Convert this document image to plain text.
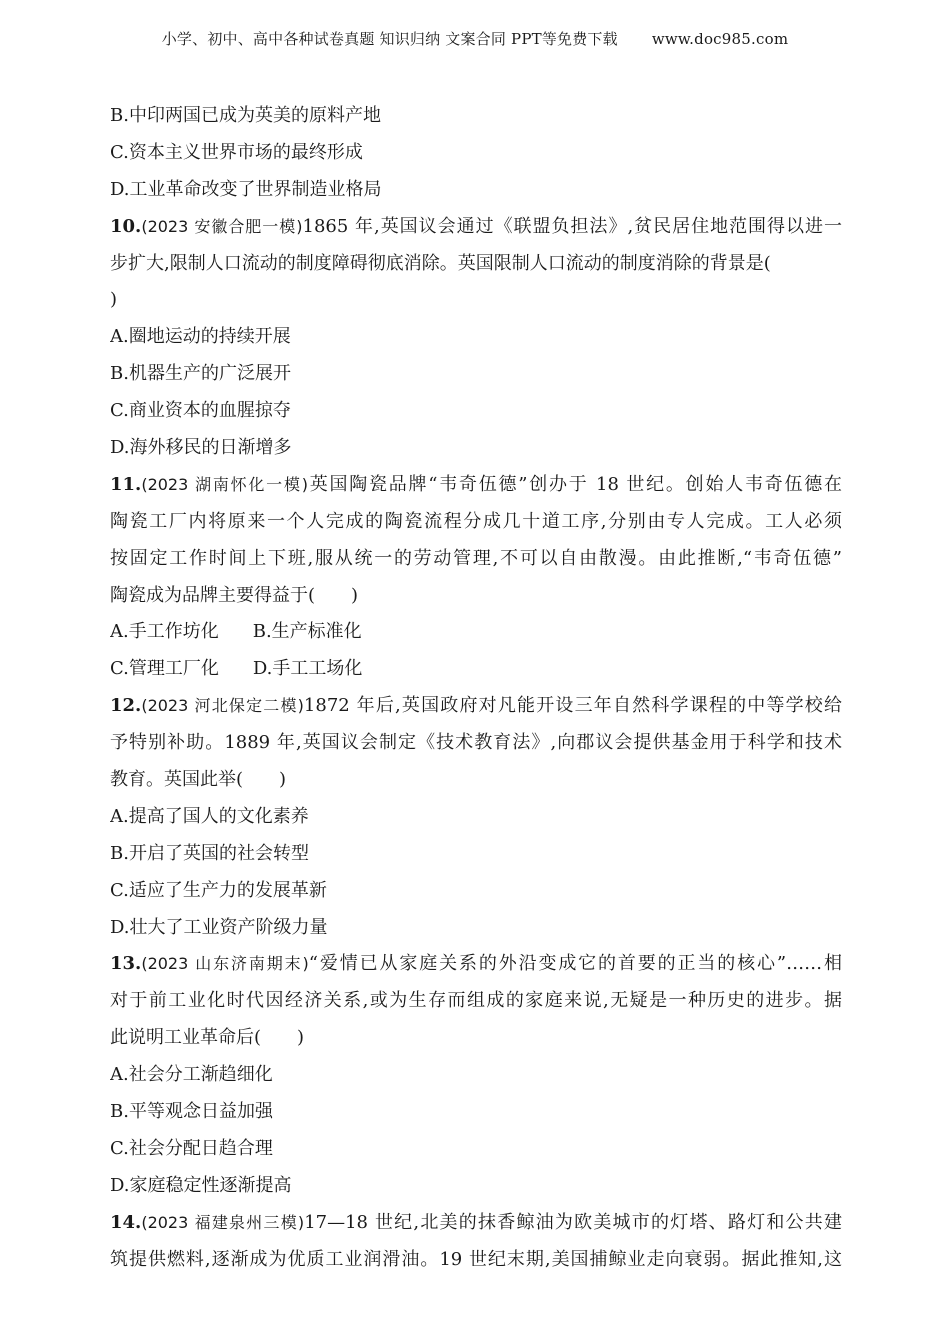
小学、初中、高中各种试卷真题 知识归纳 文案合同 PPT等免费下载 www.doc985.com
B.中印两国已成为英美的原料产地
C.资本主义世界市场的最终形成
D.工业革命改变了世界制造业格局
10.(2023 安徽合肥一模)1865 年,英国议会通过《联盟负担法》,贫民居住地范围得以进一
步扩大,限制人口流动的制度障碍彻底消除。英国限制人口流动的制度消除的背景是(
)
A.圈地运动的持续开展
B.机器生产的广泛展开
C.商业资本的血腥掠夺
D.海外移民的日渐增多
11.(2023 湖南怀化一模)英国陶瓷品牌“韦奇伍德”创办于 18 世纪。创始人韦奇伍德在
陶瓷工厂内将原来一个人完成的陶瓷流程分成几十道工序,分别由专人完成。工人必须
按固定工作时间上下班,服从统一的劳动管理,不可以自由散漫。由此推断,“韦奇伍德”
陶瓷成为品牌主要得益于(　　)
A.手工作坊化 B.生产标准化
C.管理工厂化 D.手工工场化
12.(2023 河北保定二模)1872 年后,英国政府对凡能开设三年自然科学课程的中等学校给
予特别补助。1889 年,英国议会制定《技术教育法》,向郡议会提供基金用于科学和技术
教育。英国此举(　　)
A.提高了国人的文化素养
B.开启了英国的社会转型
C.适应了生产力的发展革新
D.壮大了工业资产阶级力量
13.(2023 山东济南期末)“爱情已从家庭关系的外沿变成它的首要的正当的核心”……相
对于前工业化时代因经济关系,或为生存而组成的家庭来说,无疑是一种历史的进步。据
此说明工业革命后(　　)
A.社会分工渐趋细化
B.平等观念日益加强
C.社会分配日趋合理
D.家庭稳定性逐渐提高
14.(2023 福建泉州三模)17—18 世纪,北美的抹香鲸油为欧美城市的灯塔、路灯和公共建
筑提供燃料,逐渐成为优质工业润滑油。19 世纪末期,美国捕鲸业走向衰弱。据此推知,这
